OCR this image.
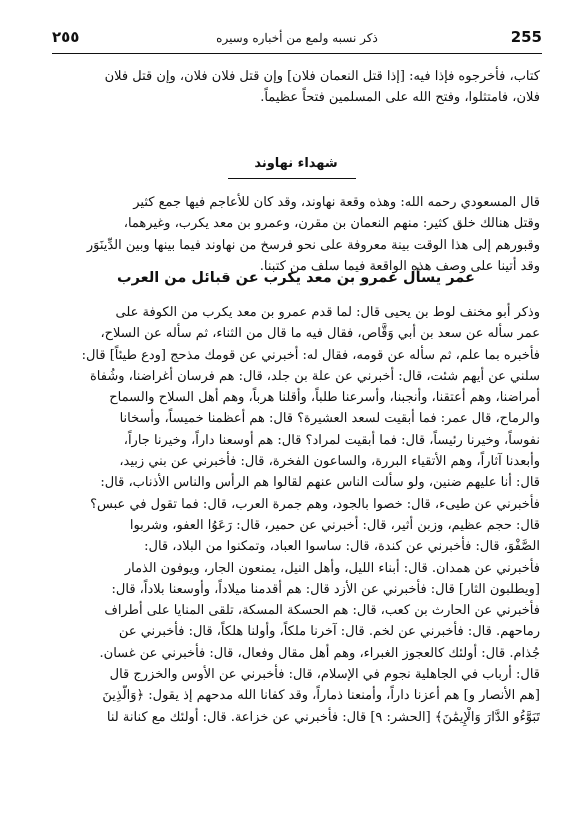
255
ذكر نسبه ولمع من أخباره وسيره
٢٥٥
كتاب، فأخرجوه فإذا فيه: [إذا قتل النعمان فلان] وإن قتل فلان فلان، وإن قتل فلان
فلان، فامتثلوا، وفتح الله على المسلمين فتحاً عظيماً.
شهداء نهاوند
قال المسعودي رحمه الله: وهذه وقعة نهاوند، وقد كان للأعاجم فيها جمع كثير
وقتل هنالك خلق كثير: منهم النعمان بن مقرن، وعمرو بن معد يكرب، وغيرهما،
وقبورهم إلى هذا الوقت بينة معروفة على نحو فرسخ من نهاوند فيما بينها وبين الدِّينَوَر
وقد أتينا على وصف هذه الواقعة فيما سلف من كتبنا.
عمر يسأل عمرو بن معد يكرب عن قبائل من العرب
وذكر أبو مخنف لوط بن يحيى قال: لما قدم عمرو بن معد يكرب من الكوفة على
عمر سأله عن سعد بن أبي وَقَّاص، فقال فيه ما قال من الثناء، ثم سأله عن السلاح،
فأخبره بما علم، ثم سأله عن قومه، فقال له: أخبرني عن قومك مذحج [ودع طيئاً] قال:
سلني عن أيهم شئت، قال: أخبرني عن علة بن جلد، قال: هم فرسان أغراضنا، وشُفاة
أمراضنا، وهم أعتقنا، وأنجبنا، وأسرعنا طلباً، وأقلنا هرباً، وهم أهل السلاح والسماح
والرماح، قال عمر: فما أبقيت لسعد العشيرة؟ قال: هم أعظمنا خميساً، وأسخانا
نفوساً، وخيرنا رئيساً، قال: فما أبقيت لمراد؟ قال: هم أوسعنا داراً، وخيرنا جاراً،
وأبعدنا آثاراً، وهم الأتقياء البررة، والساعون الفخرة، قال: فأخبرني عن بني زبيد،
قال: أنا عليهم ضنين، ولو سألت الناس عنهم لقالوا هم الرأس والناس الأذناب، قال:
فأخبرني عن طيىء، قال: خصوا بالجود، وهم جمرة العرب، قال: فما تقول في عبس؟
قال: حجم عظيم، وزبن أثير، قال: أخبرني عن حمير، قال: رَعَوُا العفو، وشربوا
الصَّفْوَ، قال: فأخبرني عن كندة، قال: ساسوا العباد، وتمكنوا من البلاد، قال:
فأخبرني عن همدان. قال: أبناء الليل، وأهل النيل، يمنعون الجار، ويوفون الذمار
[ويطلبون الثار] قال: فأخبرني عن الأزد قال: هم أقدمنا ميلاداً، وأوسعنا بلاداً، قال:
فأخبرني عن الحارث بن كعب، قال: هم الحسكة المسكة، تلقى المنايا على أطراف
رماحهم. قال: فأخبرني عن لخم. قال: آخرنا ملكاً، وأولنا هلكاً، قال: فأخبرني عن
جُذام. قال: أولئك كالعجوز الغبراء، وهم أهل مقال وفعال، قال: فأخبرني عن غسان.
قال: أرباب في الجاهلية نجوم في الإسلام، قال: فأخبرني عن الأوس والخزرج قال
[هم الأنصار و] هم أعزنا داراً، وأمنعنا ذماراً، وقد كفانا الله مدحهم إذ يقول: ﴿وَالَّذِينَ
تَبَوَّءُو الدَّارَ وَالْإِيمَٰنَ﴾ [الحشر: ٩] قال: فأخبرني عن خزاعة. قال: أولئك مع كنانة لنا
